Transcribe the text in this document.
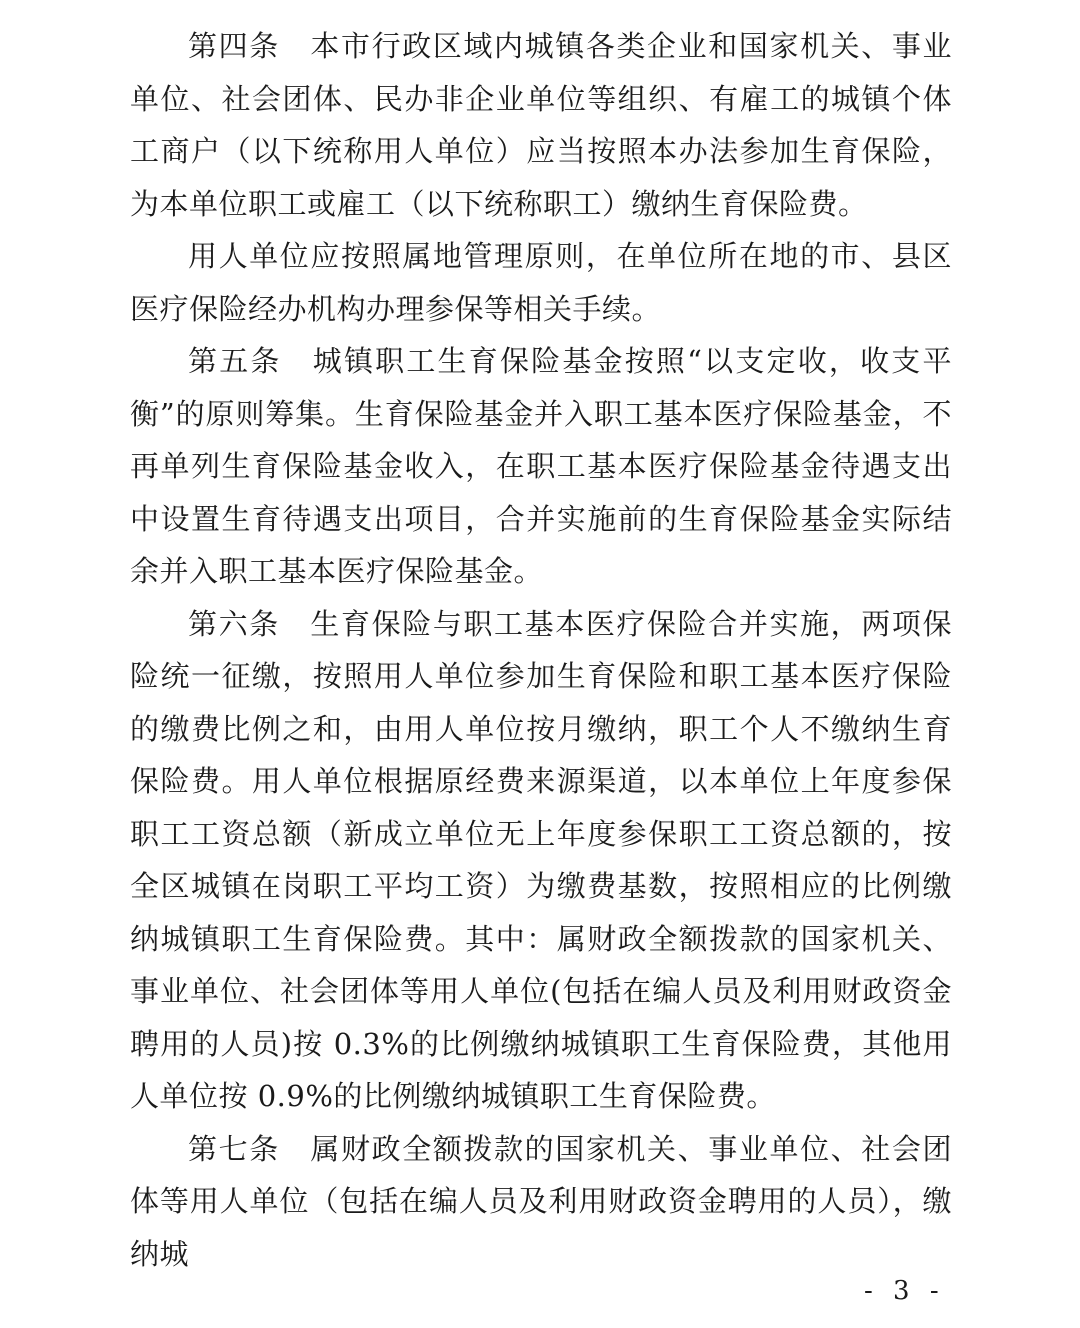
第四条　本市行政区域内城镇各类企业和国家机关、事业单位、社会团体、民办非企业单位等组织、有雇工的城镇个体工商户（以下统称用人单位）应当按照本办法参加生育保险，为本单位职工或雇工（以下统称职工）缴纳生育保险费。

用人单位应按照属地管理原则，在单位所在地的市、县区医疗保险经办机构办理参保等相关手续。

第五条　城镇职工生育保险基金按照“以支定收，收支平衡”的原则筹集。生育保险基金并入职工基本医疗保险基金，不再单列生育保险基金收入，在职工基本医疗保险基金待遇支出中设置生育待遇支出项目，合并实施前的生育保险基金实际结余并入职工基本医疗保险基金。

第六条　生育保险与职工基本医疗保险合并实施，两项保险统一征缴，按照用人单位参加生育保险和职工基本医疗保险的缴费比例之和，由用人单位按月缴纳，职工个人不缴纳生育保险费。用人单位根据原经费来源渠道，以本单位上年度参保职工工资总额（新成立单位无上年度参保职工工资总额的，按全区城镇在岗职工平均工资）为缴费基数，按照相应的比例缴纳城镇职工生育保险费。其中：属财政全额拨款的国家机关、事业单位、社会团体等用人单位(包括在编人员及利用财政资金聘用的人员)按 0.3%的比例缴纳城镇职工生育保险费，其他用人单位按 0.9%的比例缴纳城镇职工生育保险费。

第七条　属财政全额拨款的国家机关、事业单位、社会团体等用人单位（包括在编人员及利用财政资金聘用的人员），缴纳城

- 3 -
